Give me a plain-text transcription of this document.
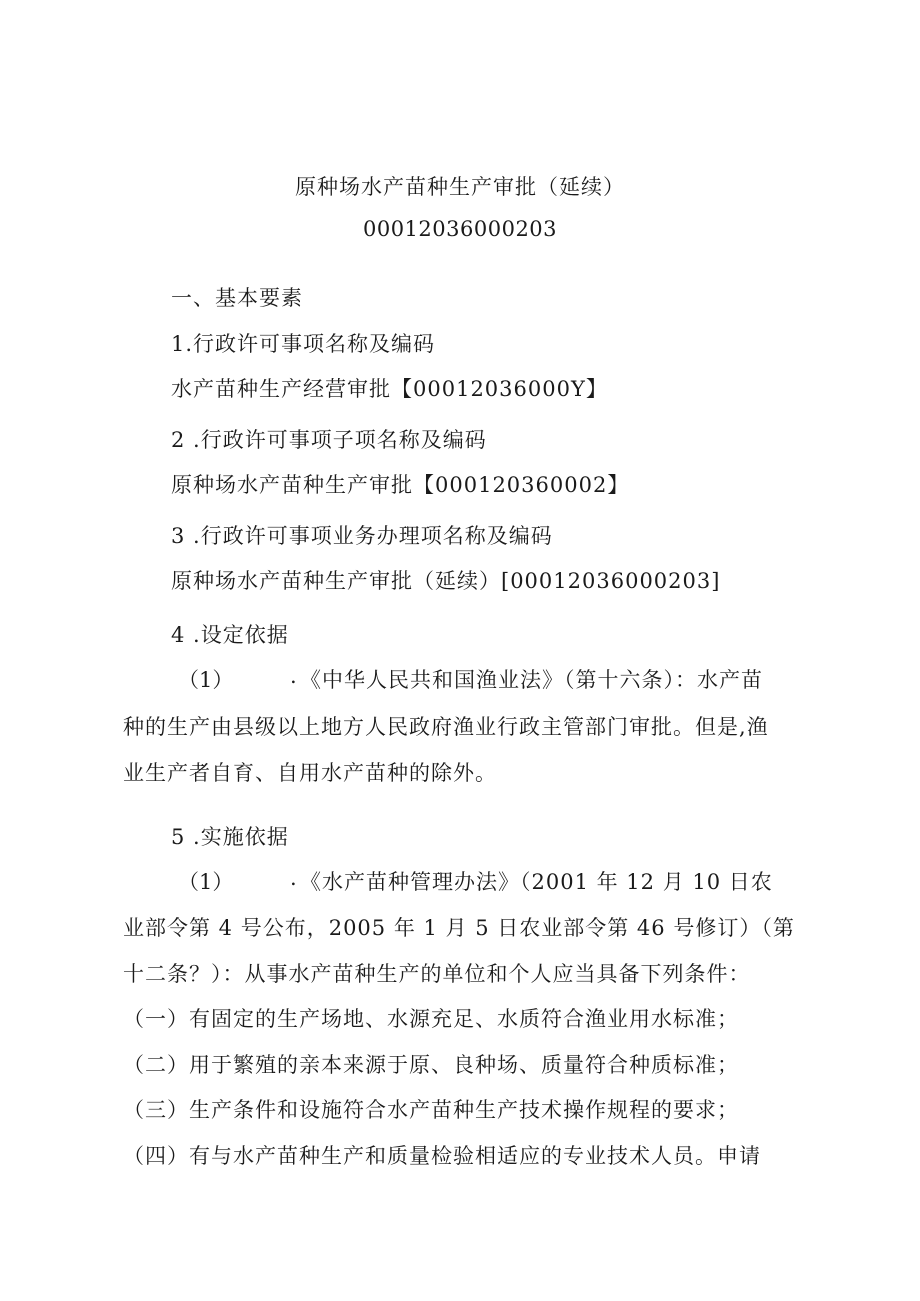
原种场水产苗种生产审批（延续）
00012036000203
一、基本要素
1.行政许可事项名称及编码
水产苗种生产经营审批【00012036000Y】
2 .行政许可事项子项名称及编码
原种场水产苗种生产审批【000120360002】
3 .行政许可事项业务办理项名称及编码
原种场水产苗种生产审批（延续）[00012036000203]
4 .设定依据
（1）	. 《中华人民共和国渔业法》（第十六条）：水产苗
种的生产由县级以上地方人民政府渔业行政主管部门审批。但是,渔
业生产者自育、自用水产苗种的除外。
5 .实施依据
（1）	. 《水产苗种管理办法》（2001 年 12 月 10 日农
业部令第 4 号公布，2005 年 1 月 5 日农业部令第 46 号修订）（第
十二条？）：从事水产苗种生产的单位和个人应当具备下列条件：
（一）有固定的生产场地、水源充足、水质符合渔业用水标准；
（二）用于繁殖的亲本来源于原、良种场、质量符合种质标准；
（三）生产条件和设施符合水产苗种生产技术操作规程的要求；
（四）有与水产苗种生产和质量检验相适应的专业技术人员。申请
